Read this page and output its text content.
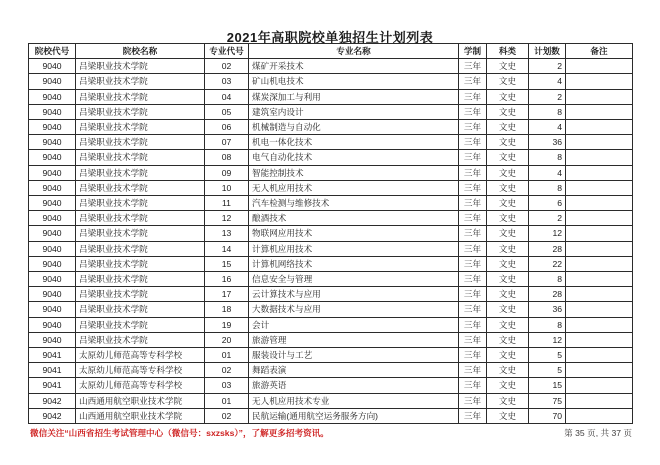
2021年高职院校单独招生计划列表
院校代号	院校名称	专业代号	专业名称	学制	科类	计划数	备注
9040	吕梁职业技术学院	02	煤矿开采技术	三年	文史	2	
9040	吕梁职业技术学院	03	矿山机电技术	三年	文史	4	
9040	吕梁职业技术学院	04	煤炭深加工与利用	三年	文史	2	
9040	吕梁职业技术学院	05	建筑室内设计	三年	文史	8	
9040	吕梁职业技术学院	06	机械制造与自动化	三年	文史	4	
9040	吕梁职业技术学院	07	机电一体化技术	三年	文史	36	
9040	吕梁职业技术学院	08	电气自动化技术	三年	文史	8	
9040	吕梁职业技术学院	09	智能控制技术	三年	文史	4	
9040	吕梁职业技术学院	10	无人机应用技术	三年	文史	8	
9040	吕梁职业技术学院	11	汽车检测与维修技术	三年	文史	6	
9040	吕梁职业技术学院	12	酿酒技术	三年	文史	2	
9040	吕梁职业技术学院	13	物联网应用技术	三年	文史	12	
9040	吕梁职业技术学院	14	计算机应用技术	三年	文史	28	
9040	吕梁职业技术学院	15	计算机网络技术	三年	文史	22	
9040	吕梁职业技术学院	16	信息安全与管理	三年	文史	8	
9040	吕梁职业技术学院	17	云计算技术与应用	三年	文史	28	
9040	吕梁职业技术学院	18	大数据技术与应用	三年	文史	36	
9040	吕梁职业技术学院	19	会计	三年	文史	8	
9040	吕梁职业技术学院	20	旅游管理	三年	文史	12	
9041	太原幼儿师范高等专科学校	01	服装设计与工艺	三年	文史	5	
9041	太原幼儿师范高等专科学校	02	舞蹈表演	三年	文史	5	
9041	太原幼儿师范高等专科学校	03	旅游英语	三年	文史	15	
9042	山西通用航空职业技术学院	01	无人机应用技术专业	三年	文史	75	
9042	山西通用航空职业技术学院	02	民航运输(通用航空运务服务方向)	三年	文史	70	
微信关注“山西省招生考试管理中心（微信号：sxzsks）”，了解更多招考资讯。	第 35 页, 共 37 页
